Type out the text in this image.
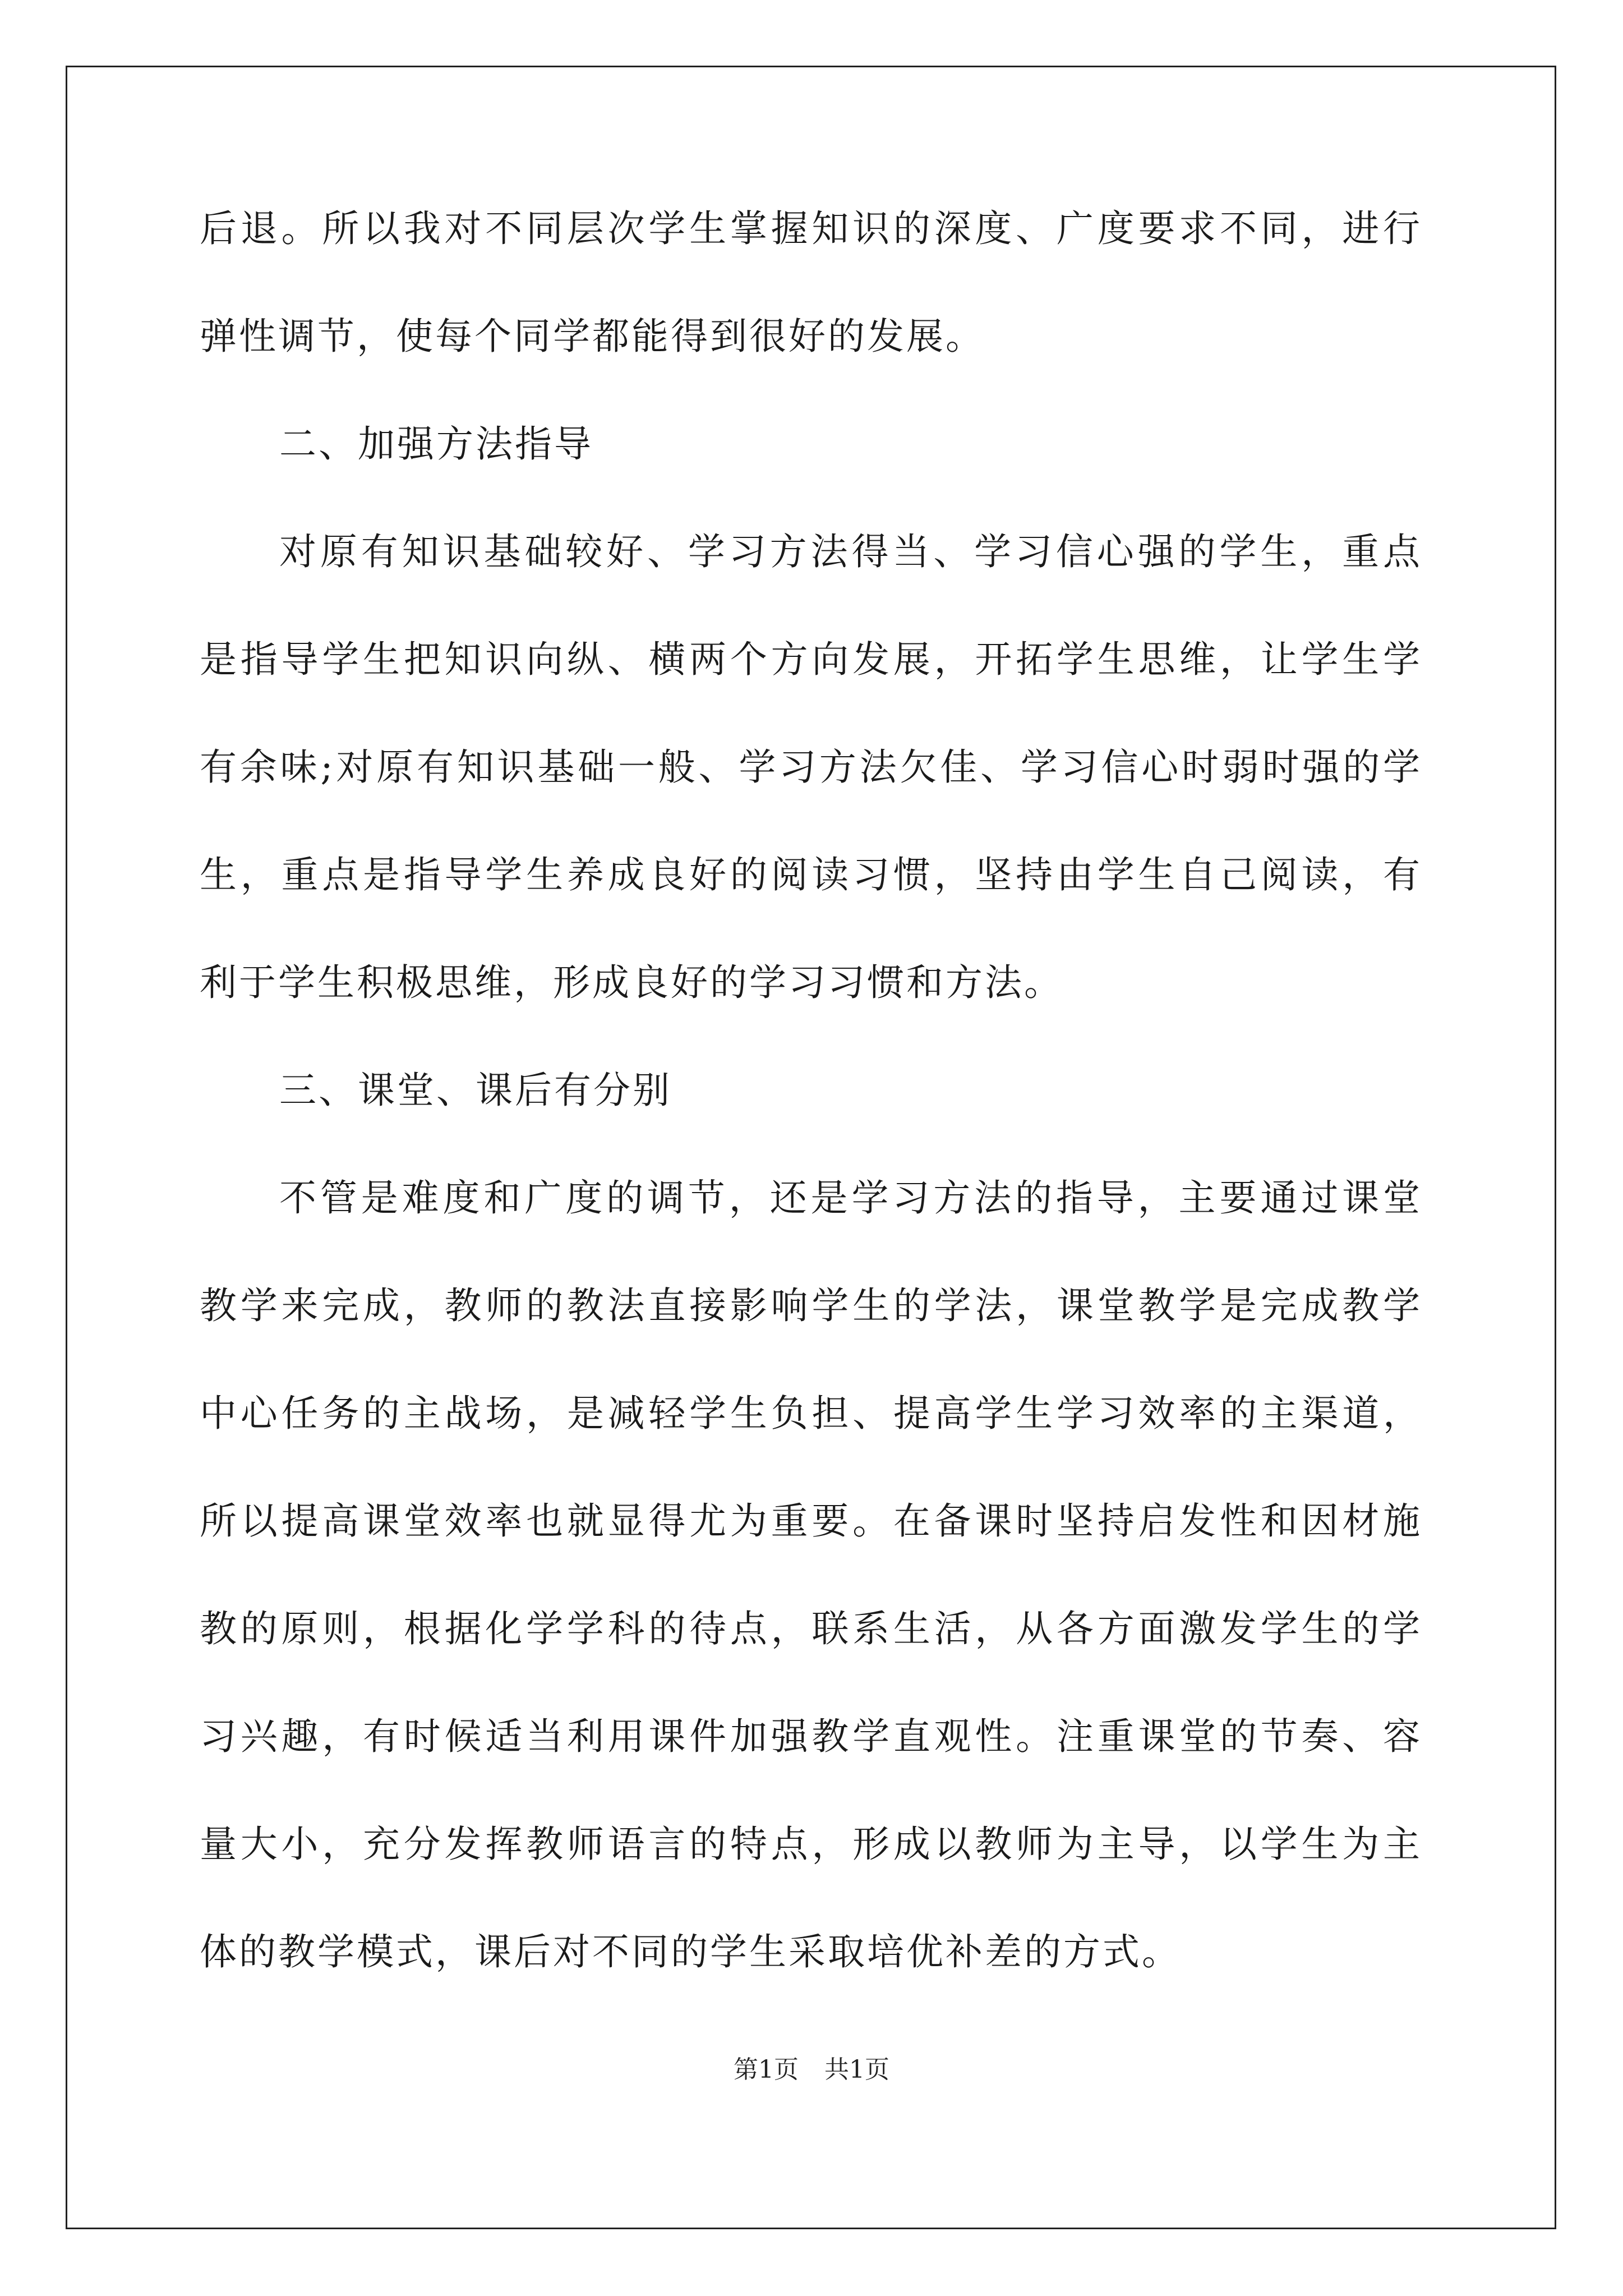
后退。所以我对不同层次学生掌握知识的深度、广度要求不同，进行
弹性调节，使每个同学都能得到很好的发展。
二、加强方法指导
对原有知识基础较好、学习方法得当、学习信心强的学生，重点
是指导学生把知识向纵、横两个方向发展，开拓学生思维，让学生学
有余味;对原有知识基础一般、学习方法欠佳、学习信心时弱时强的学
生，重点是指导学生养成良好的阅读习惯，坚持由学生自己阅读，有
利于学生积极思维，形成良好的学习习惯和方法。
三、课堂、课后有分别
不管是难度和广度的调节，还是学习方法的指导，主要通过课堂
教学来完成，教师的教法直接影响学生的学法，课堂教学是完成教学
中心任务的主战场，是减轻学生负担、提高学生学习效率的主渠道，
所以提高课堂效率也就显得尤为重要。在备课时坚持启发性和因材施
教的原则，根据化学学科的待点，联系生活，从各方面激发学生的学
习兴趣，有时候适当利用课件加强教学直观性。注重课堂的节奏、容
量大小，充分发挥教师语言的特点，形成以教师为主导，以学生为主
体的教学模式，课后对不同的学生采取培优补差的方式。
第1页 共1页
